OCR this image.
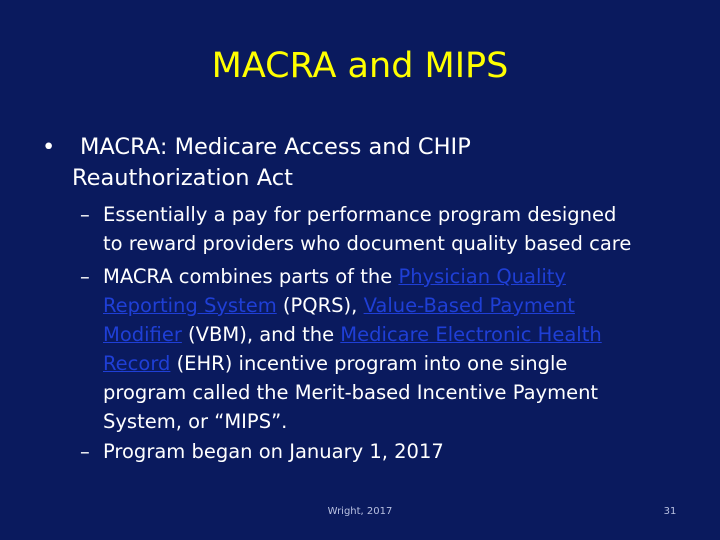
MACRA and MIPS
•	MACRA: Medicare Access and CHIP
Reauthorization Act
– Essentially a pay for performance program designed
to reward providers who document quality based care
– MACRA combines parts of the Physician Quality
Reporting System (PQRS), Value-Based Payment
Modifier (VBM), and the Medicare Electronic Health
Record (EHR) incentive program into one single
program called the Merit-based Incentive Payment
System, or “MIPS”.
– Program began on January 1, 2017
Wright, 2017	31
